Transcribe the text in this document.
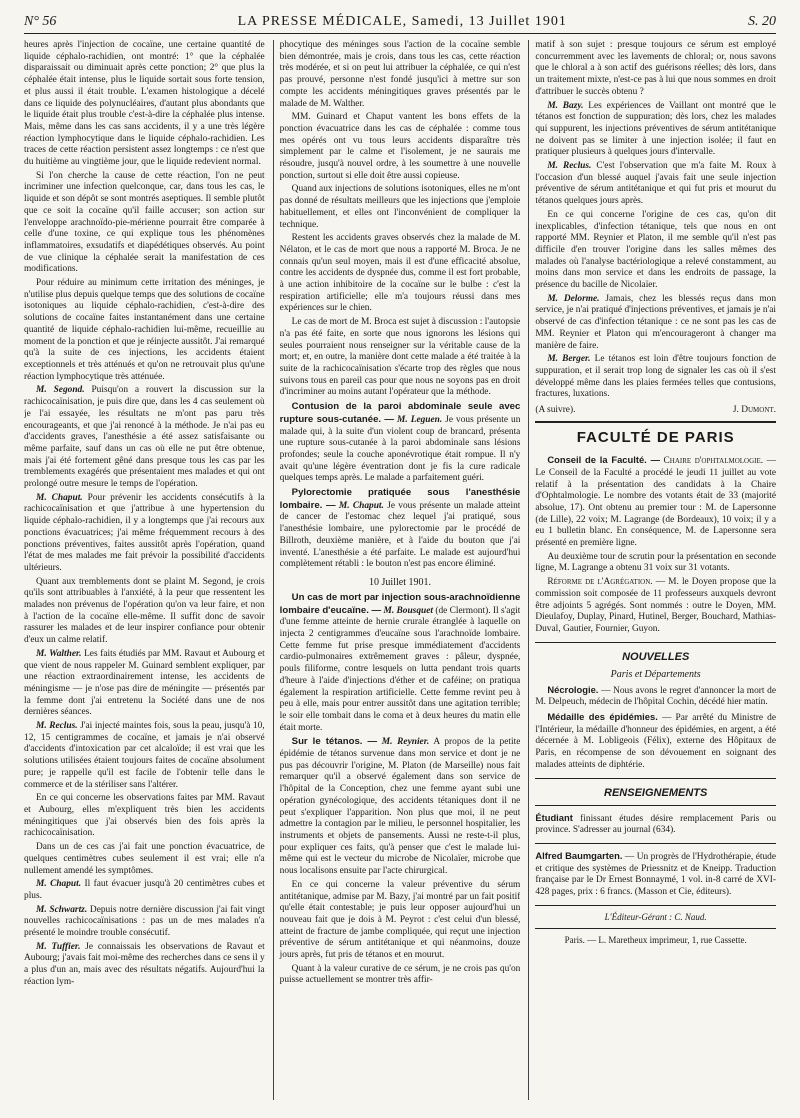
N° 56	LA PRESSE MÉDICALE, Samedi, 13 Juillet 1901	S. 20

heures après l'injection de cocaïne, une certaine quantité de liquide céphalo-rachidien, ont montré: 1° que la céphalée disparaissait ou diminuait après cette ponction; 2° que plus la céphalée était intense, plus le liquide sortait sous forte tension, et plus aussi il était trouble. L'examen histologique a décelé dans ce liquide des polynucléaires, d'autant plus abondants que le liquide était plus trouble c'est-à-dire la céphalée plus intense. Mais, même dans les cas sans accidents, il y a une très légère réaction lymphocytique dans le liquide céphalo-rachidien. Les traces de cette réaction persistent assez longtemps : ce n'est que du huitième au vingtième jour, que le liquide redevient normal.

Si l'on cherche la cause de cette réaction, l'on ne peut incriminer une infection quelconque, car, dans tous les cas, le liquide et son dépôt se sont montrés aseptiques. Il semble plutôt que ce soit la cocaïne qu'il faille accuser; son action sur l'enveloppe arachnoïdo-pie-mérienne pourrait être comparée à celle d'une toxine, ce qui explique tous les phénomènes inflammatoires, exsudatifs et diapédétiques observés. Au point de vue clinique la céphalée serait la manifestation de ces modifications.

Pour réduire au minimum cette irritation des méninges, je n'utilise plus depuis quelque temps que des solutions de cocaïne isotoniques au liquide céphalo-rachidien, c'est-à-dire des solutions de cocaïne faites instantanément dans une certaine quantité de liquide céphalo-rachidien lui-même, recueillie au moment de la ponction et que je réinjecte aussitôt. J'ai remarqué qu'à la suite de ces injections, les accidents étaient exceptionnels et très atténués et qu'on ne retrouvait plus qu'une réaction lymphocytique très atténuée.

M. Segond. Puisqu'on a rouvert la discussion sur la rachicocaïnisation, je puis dire que, dans les 4 cas seulement où je l'ai essayée, les résultats ne m'ont pas paru très encourageants, et que j'ai renoncé à la méthode. Je n'ai pas eu d'accidents graves, l'anesthésie a été assez satisfaisante ou même parfaite, sauf dans un cas où elle ne put être obtenue, mais j'ai été fortement gêné dans presque tous les cas par les tremblements exagérés que présentaient mes malades et qui ont prolongé outre mesure le temps de l'opération.

M. Chaput. Pour prévenir les accidents consécutifs à la rachicocaïnisation et que j'attribue à une hypertension du liquide céphalo-rachidien, il y a longtemps que j'ai recours aux ponctions évacuatrices; j'ai même fréquemment recours à des ponctions préventives, faites aussitôt après l'opération, quand l'état de mes malades me fait prévoir la possibilité d'accidents ultérieurs.

Quant aux tremblements dont se plaint M. Segond, je crois qu'ils sont attribuables à l'anxiété, à la peur que ressentent les malades non prévenus de l'opération qu'on va leur faire, et non à l'action de la cocaïne elle-même. Il suffit donc de savoir rassurer les malades et de leur inspirer confiance pour obtenir d'eux un calme relatif.

M. Walther. Les faits étudiés par MM. Ravaut et Aubourg et que vient de nous rappeler M. Guinard semblent expliquer, par une réaction extraordinairement intense, les accidents de méningisme — je n'ose pas dire de méningite — présentés par la femme dont j'ai entretenu la Société dans une de nos dernières séances.

M. Reclus. J'ai injecté maintes fois, sous la peau, jusqu'à 10, 12, 15 centigrammes de cocaïne, et jamais je n'ai observé d'accidents d'intoxication par cet alcaloïde; il est vrai que les solutions utilisées étaient toujours faites de cocaïne absolument pure; je rappelle qu'il est facile de l'obtenir telle dans le commerce et de la stériliser sans l'altérer.

En ce qui concerne les observations faites par MM. Ravaut et Aubourg, elles m'expliquent très bien les accidents méningitiques que j'ai observés bien des fois après la rachicocaïnisation.

Dans un de ces cas j'ai fait une ponction évacuatrice, de quelques centimètres cubes seulement il est vrai; elle n'a nullement amendé les symptômes.

M. Chaput. Il faut évacuer jusqu'à 20 centimètres cubes et plus.

M. Schwartz. Depuis notre dernière discussion j'ai fait vingt nouvelles rachicocaïnisations : pas un de mes malades n'a présenté le moindre trouble consécutif.

M. Tuffier. Je connaissais les observations de Ravaut et Aubourg; j'avais fait moi-même des recherches dans ce sens il y a plus d'un an, mais avec des résultats négatifs. Aujourd'hui la réaction lym-

phocytique des méninges sous l'action de la cocaïne semble bien démontrée, mais je crois, dans tous les cas, cette réaction très modérée, et si on peut lui attribuer la céphalée, ce qui n'est pas prouvé, personne n'est fondé jusqu'ici à mettre sur son compte les accidents méningitiques graves présentés par le malade de M. Walther.

MM. Guinard et Chaput vantent les bons effets de la ponction évacuatrice dans les cas de céphalée : comme tous mes opérés ont vu tous leurs accidents disparaître très simplement par le calme et l'isolement, je ne saurais me résoudre, jusqu'à nouvel ordre, à les soumettre à une nouvelle ponction, surtout si elle doit être aussi copieuse.

Quand aux injections de solutions isotoniques, elles ne m'ont pas donné de résultats meilleurs que les injections que j'emploie habituellement, et elles ont l'inconvénient de compliquer la technique.

Restent les accidents graves observés chez la malade de M. Nélaton, et le cas de mort que nous a rapporté M. Broca. Je ne connais qu'un seul moyen, mais il est d'une efficacité absolue, contre les accidents de dyspnée dus, comme il est fort probable, à une action inhibitoire de la cocaïne sur le bulbe : c'est la respiration artificielle; elle m'a toujours réussi dans mes expériences sur le chien.

Le cas de mort de M. Broca est sujet à discussion : l'autopsie n'a pas été faite, en sorte que nous ignorons les lésions qui seules pourraient nous renseigner sur la véritable cause de la mort; et, en outre, la manière dont cette malade a été traitée à la suite de la rachicocaïnisation s'écarte trop des règles que nous suivons tous en pareil cas pour que nous ne soyons pas en droit d'incriminer au moins autant l'opérateur que la méthode.

Contusion de la paroi abdominale seule avec rupture sous-cutanée. — M. Leguen. Je vous présente un malade qui, à la suite d'un violent coup de brancard, présenta une rupture sous-cutanée à la paroi abdominale sans lésions profondes; seule la couche aponévrotique était rompue. Il n'y avait qu'une légère éventration dont je fis la cure radicale quelques temps après. Le malade a parfaitement guéri.

Pylorectomie pratiquée sous l'anesthésie lombaire. — M. Chaput. Je vous présente un malade atteint de cancer de l'estomac chez lequel j'ai pratiqué, sous l'anesthésie lombaire, une pylorectomie par le procédé de Billroth, deuxième manière, et à l'aide du bouton que j'ai inventé. L'anesthésie a été parfaite. Le malade est aujourd'hui complètement rétabli : le bouton n'est pas encore éliminé.

10 Juillet 1901.

Un cas de mort par injection sous-arachnoïdienne lombaire d'eucaïne. — M. Bousquet (de Clermont). Il s'agit d'une femme atteinte de hernie crurale étranglée à laquelle on injecta 2 centigrammes d'eucaïne sous l'arachnoïde lombaire. Cette femme fut prise presque immédiatement d'accidents cardio-pulmonaires extrêmement graves : pâleur, dyspnée, pouls filiforme, contre lesquels on lutta pendant trois quarts d'heure à l'aide d'injections d'éther et de caféine; on pratiqua également la respiration artificielle. Cette femme revint peu à peu à elle, mais pour entrer aussitôt dans une agitation terrible; le soir elle tombait dans le coma et à deux heures du matin elle était morte.

Sur le tétanos. — M. Reynier. A propos de la petite épidémie de tétanos survenue dans mon service et dont je ne pus pas découvrir l'origine, M. Platon (de Marseille) nous fait remarquer qu'il a observé également dans son service de l'hôpital de la Conception, chez une femme ayant subi une opération gynécologique, des accidents tétaniques dont il ne peut s'expliquer l'apparition. Non plus que moi, il ne peut admettre la contagion par le milieu, le personnel hospitalier, les instruments et objets de pansements. Aussi ne reste-t-il plus, pour expliquer ces faits, qu'à penser que c'est le malade lui-même qui est le vecteur du microbe de Nicolaïer, microbe que nous localisons ensuite par l'acte chirurgical.

En ce qui concerne la valeur préventive du sérum antitétanique, admise par M. Bazy, j'ai montré par un fait positif qu'elle était contestable; je puis leur opposer aujourd'hui un nouveau fait que je dois à M. Peyrot : c'est celui d'un blessé, atteint de fracture de jambe compliquée, qui reçut une injection préventive de sérum antitétanique et qui néanmoins, douze jours après, fut pris de tétanos et en mourut.

Quant à la valeur curative de ce sérum, je ne crois pas qu'on puisse actuellement se montrer très affir-

matif à son sujet : presque toujours ce sérum est employé concurremment avec les lavements de chloral; or, nous savons que le chloral a à son actif des guérisons réelles; dès lors, dans un traitement mixte, n'est-ce pas à lui que nous sommes en droit d'attribuer le succès obtenu ?

M. Bazy. Les expériences de Vaillant ont montré que le tétanos est fonction de suppuration; dès lors, chez les malades qui suppurent, les injections préventives de sérum antitétanique ne doivent pas se limiter à une injection isolée; il faut en pratiquer plusieurs à quelques jours d'intervalle.

M. Reclus. C'est l'observation que m'a faite M. Roux à l'occasion d'un blessé auquel j'avais fait une seule injection préventive de sérum antitétanique et qui fut pris et mourut du tétanos quelques jours après.

En ce qui concerne l'origine de ces cas, qu'on dit inexplicables, d'infection tétanique, tels que nous en ont rapporté MM. Reynier et Platon, il me semble qu'il n'est pas difficile d'en trouver l'origine dans les salles mêmes des malades où l'analyse bactériologique a relevé constamment, au moins dans mon service et dans les endroits de passage, la présence du bacille de Nicolaïer.

M. Delorme. Jamais, chez les blessés reçus dans mon service, je n'ai pratiqué d'injections préventives, et jamais je n'ai observé de cas d'infection tétanique : ce ne sont pas les cas de MM. Reynier et Platon qui m'encourageront à changer ma manière de faire.

M. Berger. Le tétanos est loin d'être toujours fonction de suppuration, et il serait trop long de signaler les cas où il s'est développé même dans les plaies fermées telles que contusions, fractures, luxations.

(A suivre).	J. Dumont.
FACULTÉ DE PARIS

Conseil de la Faculté. — Chaire d'ophtalmologie. — Le Conseil de la Faculté a procédé le jeudi 11 juillet au vote relatif à la présentation des candidats à la Chaire d'Ophtalmologie. Le nombre des votants était de 33 (majorité absolue, 17). Ont obtenu au premier tour : M. de Lapersonne (de Lille), 22 voix; M. Lagrange (de Bordeaux), 10 voix; il y a eu 1 bulletin blanc. En conséquence, M. de Lapersonne sera présenté en première ligne.

Au deuxième tour de scrutin pour la présentation en seconde ligne, M. Lagrange a obtenu 31 voix sur 31 votants.

Réforme de l'Agrégation. — M. le Doyen propose que la commission soit composée de 11 professeurs auxquels devront être adjoints 5 agrégés. Sont nommés : outre le Doyen, MM. Dieulafoy, Duplay, Pinard, Hutinel, Berger, Bouchard, Mathias-Duval, Gautier, Fournier, Guyon.

NOUVELLES
Paris et Départements

Nécrologie. — Nous avons le regret d'annoncer la mort de M. Delpeuch, médecin de l'hôpital Cochin, décédé hier matin.

Médaille des épidémies. — Par arrêté du Ministre de l'Intérieur, la médaille d'honneur des épidémies, en argent, a été décernée à M. Lobligeois (Félix), externe des Hôpitaux de Paris, en récompense de son dévouement en soignant des malades atteints de diphtérie.

RENSEIGNEMENTS

Étudiant finissant études désire remplacement Paris ou province. S'adresser au journal (634).

Alfred Baumgarten. — Un progrès de l'Hydrothérapie, étude et critique des systèmes de Priessnitz et de Kneipp. Traduction française par le Dr Ernest Bonnaymé, 1 vol. in-8 carré de XVI-428 pages, prix : 6 francs. (Masson et Cie, éditeurs).

L'Éditeur-Gérant : C. Naud.
Paris. — L. Maretheux imprimeur, 1, rue Cassette.
